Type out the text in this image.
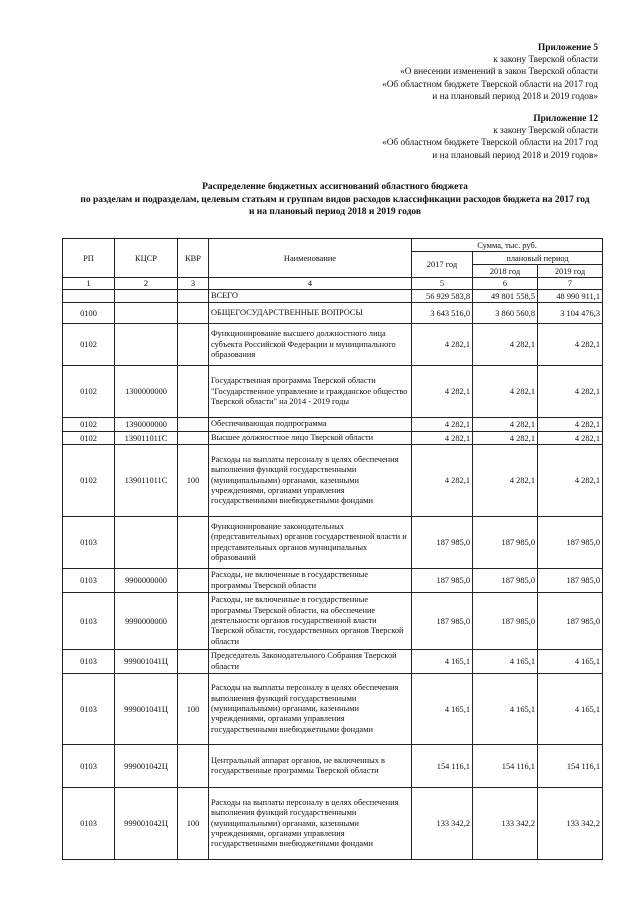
Приложение 5
к закону Тверской области
«О внесении изменений в закон Тверской области
«Об областном бюджете Тверской области на 2017 год
и на плановый период 2018 и 2019 годов»
Приложение 12
к закону Тверской области
«Об областном бюджете Тверской области на 2017 год
и на плановый период 2018 и 2019 годов»
Распределение бюджетных ассигнований областного бюджета
по разделам и подразделам, целевым статьям и группам видов расходов классификации расходов бюджета на 2017 год
и на плановый период 2018 и 2019 годов
РП	КЦСР	КВР	Наименование	Сумма, тыс. руб.		
				2017 год	плановый период	
					2018 год	2019 год
1	2	3	4	5	6	7
			ВСЕГО	56 929 583,8	49 801 558,5	48 990 911,1
0100			ОБЩЕГОСУДАРСТВЕННЫЕ ВОПРОСЫ	3 643 516,0	3 860 560,8	3 104 476,3
0102			Функционирование высшего должностного лица субъекта Российской Федерации и муниципального образования	4 282,1	4 282,1	4 282,1
0102	1300000000		Государственная программа Тверской области "Государственное управление и гражданское общество Тверской области" на 2014 - 2019 годы	4 282,1	4 282,1	4 282,1
0102	1390000000		Обеспечивающая подпрограмма	4 282,1	4 282,1	4 282,1
0102	139011011С		Высшее должностное лицо Тверской области	4 282,1	4 282,1	4 282,1
0102	139011011С	100	Расходы на выплаты персоналу в целях обеспечения выполнения функций государственными (муниципальными) органами, казенными учреждениями, органами управления государственными внебюджетными фондами	4 282,1	4 282,1	4 282,1
0103			Функционирование законодательных (представительных) органов государственной власти и представительных органов муниципальных образований	187 985,0	187 985,0	187 985,0
0103	9900000000		Расходы, не включенные в государственные программы Тверской области	187 985,0	187 985,0	187 985,0
0103	9990000000		Расходы, не включенные в государственные программы Тверской области, на обеспечение деятельности органов государственной власти Тверской области, государственных органов Тверской области	187 985,0	187 985,0	187 985,0
0103	999001041Ц		Председатель Законодательного Собрания Тверской области	4 165,1	4 165,1	4 165,1
0103	999001041Ц	100	Расходы на выплаты персоналу в целях обеспечения выполнения функций государственными (муниципальными) органами, казенными учреждениями, органами управления государственными внебюджетными фондами	4 165,1	4 165,1	4 165,1
0103	999001042Ц		Центральный аппарат органов, не включенных в государственные программы Тверской области	154 116,1	154 116,1	154 116,1
0103	999001042Ц	100	Расходы на выплаты персоналу в целях обеспечения выполнения функций государственными (муниципальными) органами, казенными учреждениями, органами управления государственными внебюджетными фондами	133 342,2	133 342,2	133 342,2
